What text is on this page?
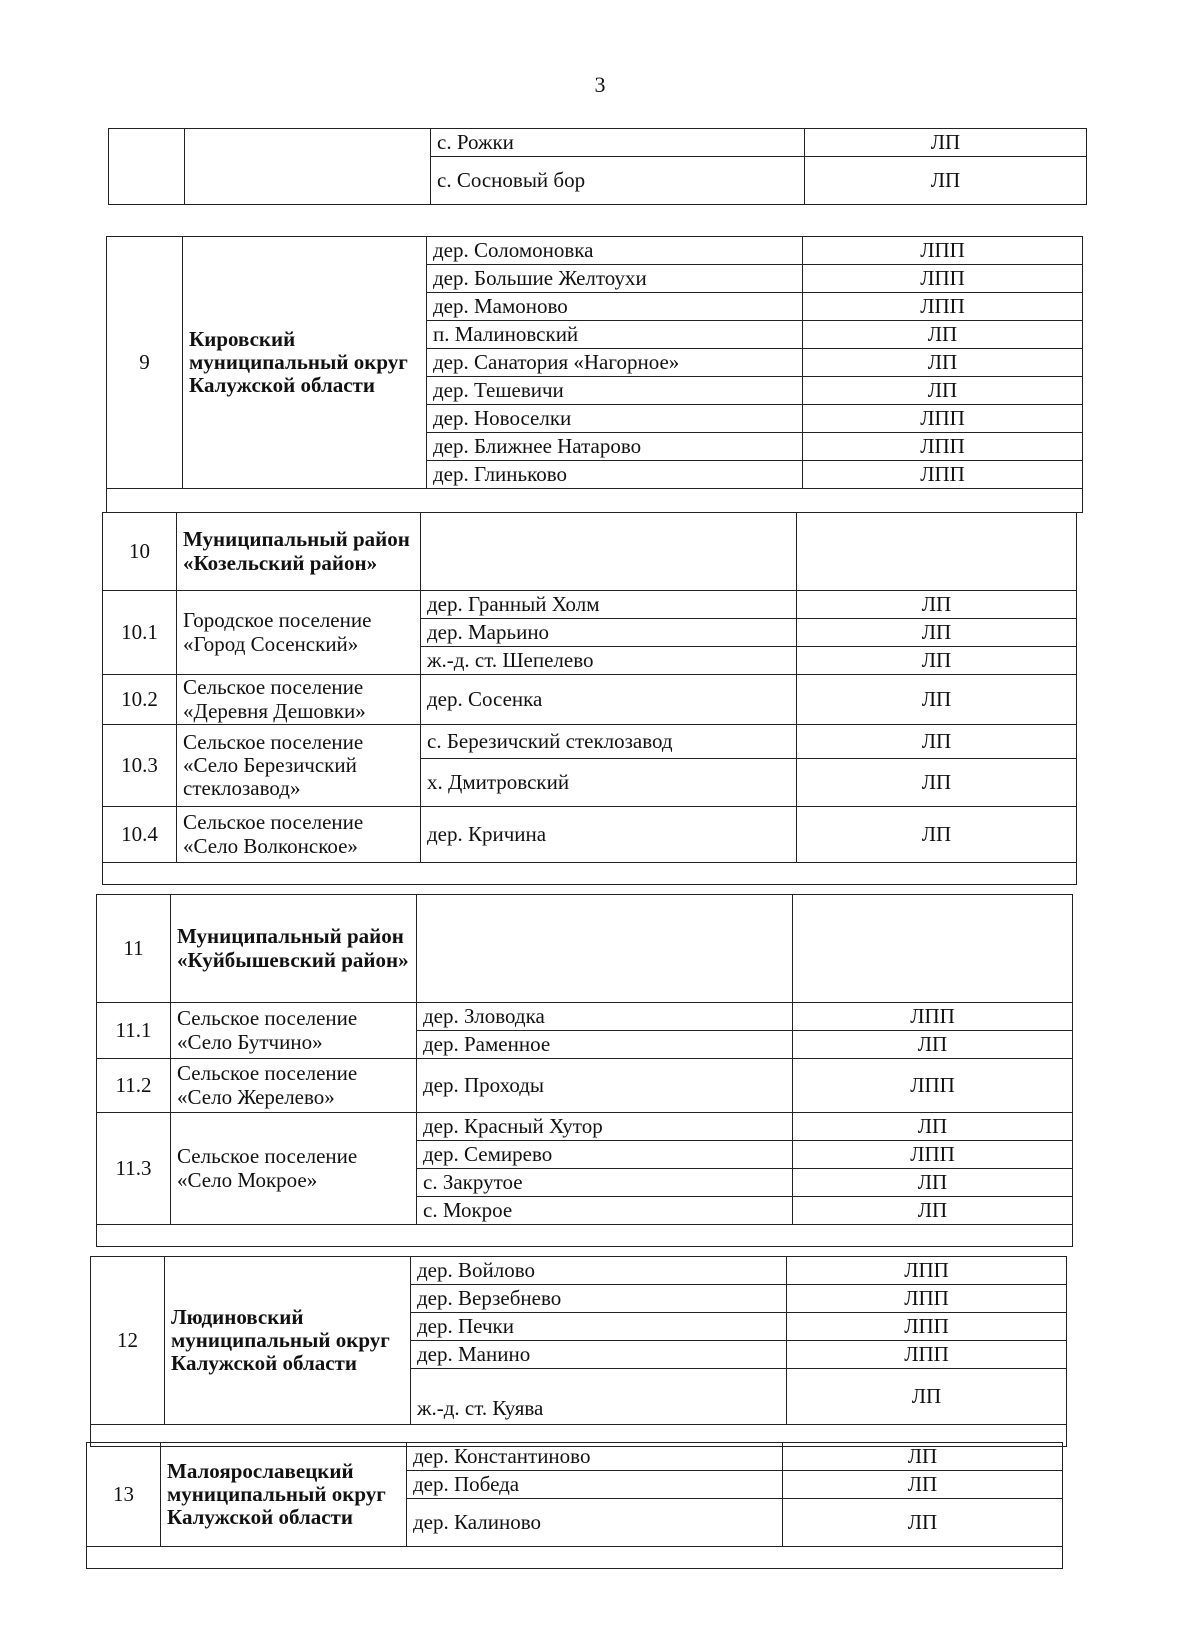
3
		с. Рожки	ЛП
		с. Сосновый бор	ЛП
9	Кировский муниципальный округ Калужской области	дер. Соломоновка	ЛПП
		дер. Большие Желтоухи	ЛПП
		дер. Мамоново	ЛПП
		п. Малиновский	ЛП
		дер. Санатория «Нагорное»	ЛП
		дер. Тешевичи	ЛП
		дер. Новоселки	ЛПП
		дер. Ближнее Натарово	ЛПП
		дер. Глиньково	ЛПП

10	Муниципальный район «Козельский район»		
10.1	Городское поселение «Город Сосенский»	дер. Гранный Холм	ЛП
		дер. Марьино	ЛП
		ж.-д. ст. Шепелево	ЛП
10.2	Сельское поселение «Деревня Дешовки»	дер. Сосенка	ЛП
10.3	Сельское поселение «Село Березичский стеклозавод»	с. Березичский стеклозавод	ЛП
		х. Дмитровский	ЛП
10.4	Сельское поселение «Село Волконское»	дер. Кричина	ЛП

11	Муниципальный район «Куйбышевский район»		
11.1	Сельское поселение «Село Бутчино»	дер. Зловодка	ЛПП
		дер. Раменное	ЛП
11.2	Сельское поселение «Село Жерелево»	дер. Проходы	ЛПП
11.3	Сельское поселение «Село Мокрое»	дер. Красный Хутор	ЛП
		дер. Семирево	ЛПП
		с. Закрутое	ЛП
		с. Мокрое	ЛП

12	Людиновский муниципальный округ Калужской области	дер. Войлово	ЛПП
		дер. Верзебнево	ЛПП
		дер. Печки	ЛПП
		дер. Манино	ЛПП
		ж.-д. ст. Куява	ЛП

13	Малоярославецкий муниципальный округ Калужской области	дер. Константиново	ЛП
		дер. Победа	ЛП
		дер. Калиново	ЛП
